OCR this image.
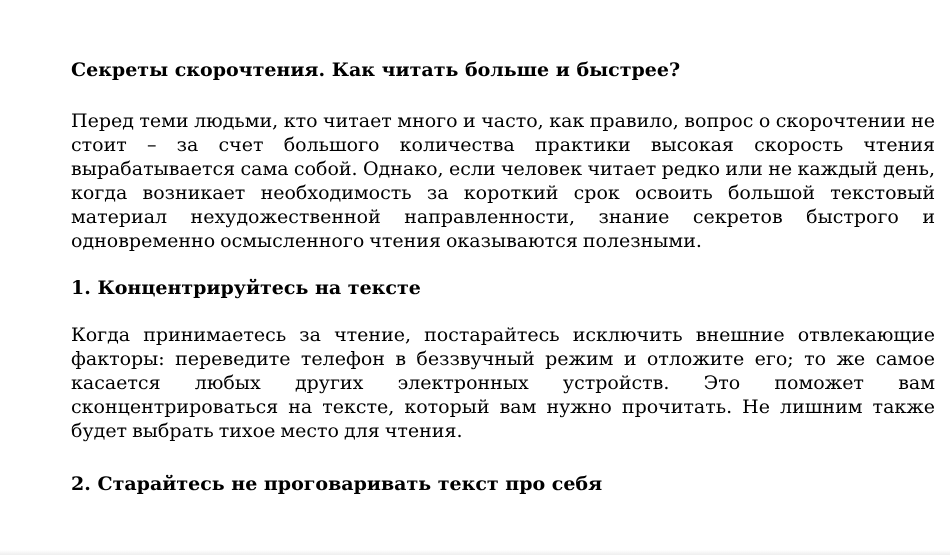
Секреты скорочтения. Как читать больше и быстрее?

Перед теми людьми, кто читает много и часто, как правило, вопрос о скорочтении не стоит – за счет большого количества практики высокая скорость чтения вырабатывается сама собой. Однако, если человек читает редко или не каждый день, когда возникает необходимость за короткий срок освоить большой текстовый материал нехудожественной направленности, знание секретов быстрого и одновременно осмысленного чтения оказываются полезными.

1. Концентрируйтесь на тексте

Когда принимаетесь за чтение, постарайтесь исключить внешние отвлекающие факторы: переведите телефон в беззвучный режим и отложите его; то же самое касается любых других электронных устройств. Это поможет вам сконцентрироваться на тексте, который вам нужно прочитать. Не лишним также будет выбрать тихое место для чтения.

2. Старайтесь не проговаривать текст про себя
